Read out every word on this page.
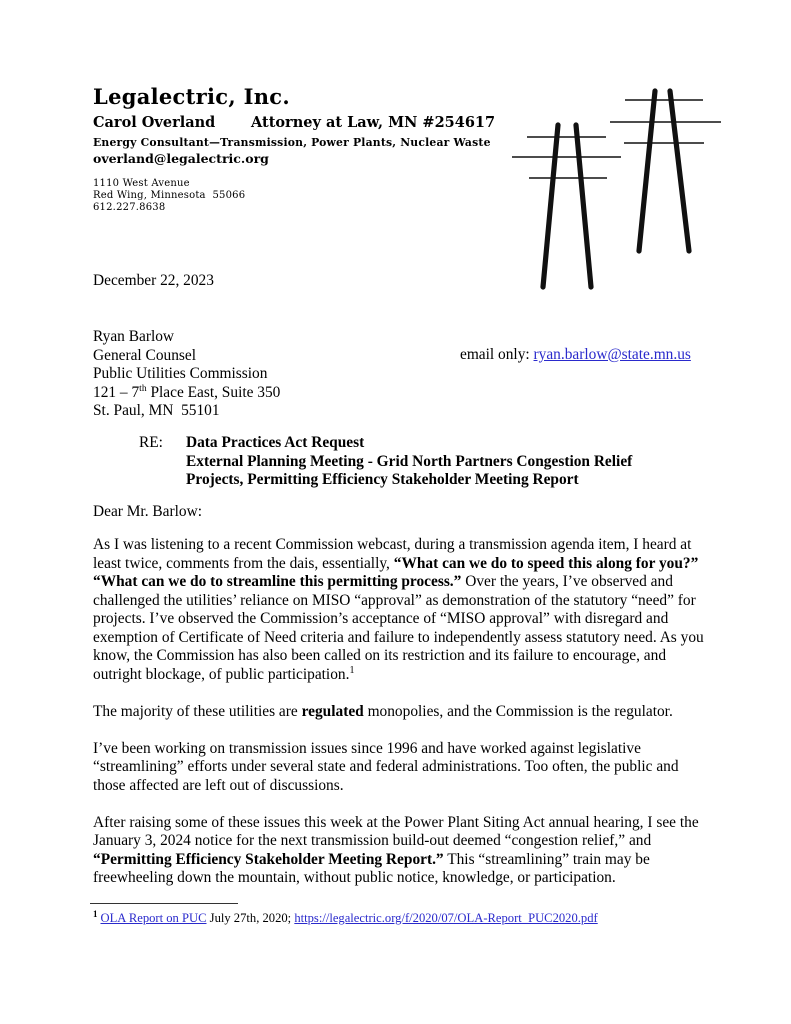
Legalectric, Inc.
Carol Overland Attorney at Law, MN #254617
Energy Consultant—Transmission, Power Plants, Nuclear Waste
overland@legalectric.org
1110 West Avenue
Red Wing, Minnesota  55066
612.227.8638
December 22, 2023
Ryan Barlow
General Counsel
Public Utilities Commission
121 – 7th Place East, Suite 350
St. Paul, MN  55101
email only: ryan.barlow@state.mn.us
RE: Data Practices Act Request
External Planning Meeting - Grid North Partners Congestion Relief
Projects, Permitting Efficiency Stakeholder Meeting Report
Dear Mr. Barlow:

As I was listening to a recent Commission webcast, during a transmission agenda item, I heard at least twice, comments from the dais, essentially, “What can we do to speed this along for you?” “What can we do to streamline this permitting process.” Over the years, I’ve observed and challenged the utilities’ reliance on MISO “approval” as demonstration of the statutory “need” for projects. I’ve observed the Commission’s acceptance of “MISO approval” with disregard and exemption of Certificate of Need criteria and failure to independently assess statutory need. As you know, the Commission has also been called on its restriction and its failure to encourage, and outright blockage, of public participation.$^1$

The majority of these utilities are regulated monopolies, and the Commission is the regulator.

I’ve been working on transmission issues since 1996 and have worked against legislative “streamlining” efforts under several state and federal administrations. Too often, the public and those affected are left out of discussions.

After raising some of these issues this week at the Power Plant Siting Act annual hearing, I see the January 3, 2024 notice for the next transmission build-out deemed “congestion relief,” and “Permitting Efficiency Stakeholder Meeting Report.” This “streamlining” train may be freewheeling down the mountain, without public notice, knowledge, or participation.

$^1$ OLA Report on PUC July 27th, 2020; https://legalectric.org/f/2020/07/OLA-Report_PUC2020.pdf
